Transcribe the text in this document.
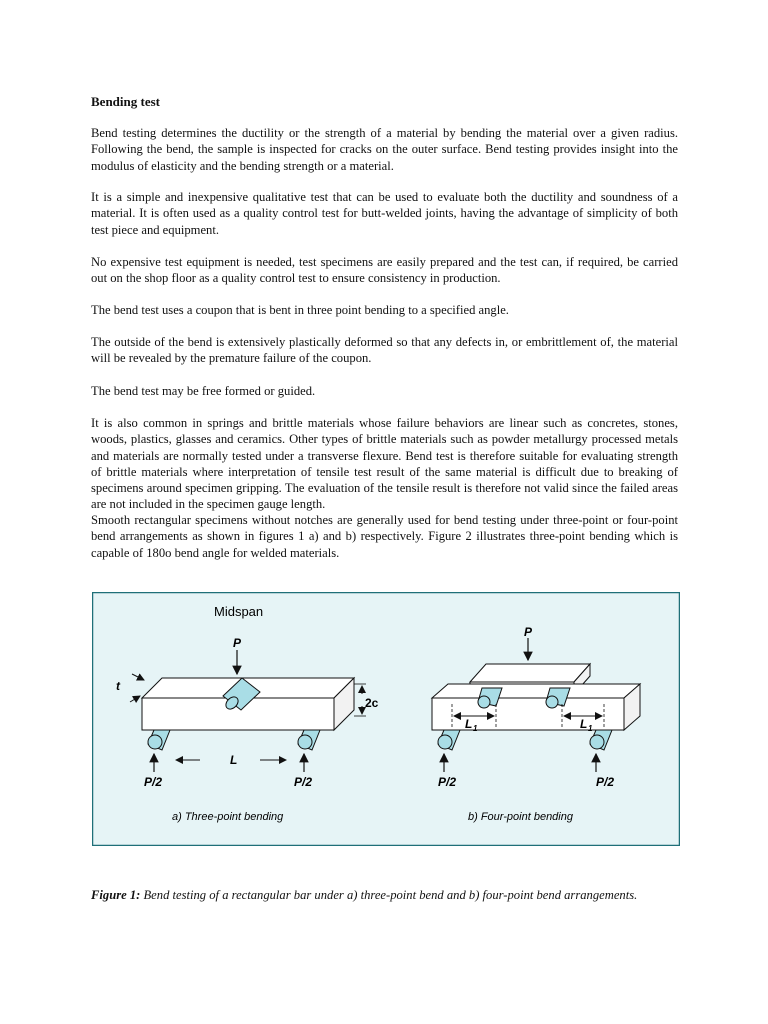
Bending test

Bend testing determines the ductility or the strength of a material by bending the material over a given radius. Following the bend, the sample is inspected for cracks on the outer surface. Bend testing provides insight into the modulus of elasticity and the bending strength or a material.

It is a simple and inexpensive qualitative test that can be used to evaluate both the ductility and soundness of a material. It is often used as a quality control test for butt-welded joints, having the advantage of simplicity of both test piece and equipment.

No expensive test equipment is needed, test specimens are easily prepared and the test can, if required, be carried out on the shop floor as a quality control test to ensure consistency in production.

The bend test uses a coupon that is bent in three point bending to a specified angle.

The outside of the bend is extensively plastically deformed so that any defects in, or embrittlement of, the material will be revealed by the premature failure of the coupon.

The bend test may be free formed or guided.

It is also common in springs and brittle materials whose failure behaviors are linear such as concretes, stones, woods, plastics, glasses and ceramics. Other types of brittle materials such as powder metallurgy processed metals and materials are normally tested under a transverse flexure. Bend test is therefore suitable for evaluating strength of brittle materials where interpretation of tensile test result of the same material is difficult due to breaking of specimens around specimen gripping. The evaluation of the tensile result is therefore not valid since the failed areas are not included in the specimen gauge length.

Smooth rectangular specimens without notches are generally used for bend testing under three-point or four-point bend arrangements as shown in figures 1 a) and b) respectively. Figure 2 illustrates three-point bending which is capable of 180o bend angle for welded materials.

Midspan
P
t
2c
L
P/2	P/2
a) Three-point bending
P
L 1	L 1
P/2	P/2
b) Four-point bending

Figure 1: Bend testing of a rectangular bar under a) three-point bend and b) four-point bend arrangements.
